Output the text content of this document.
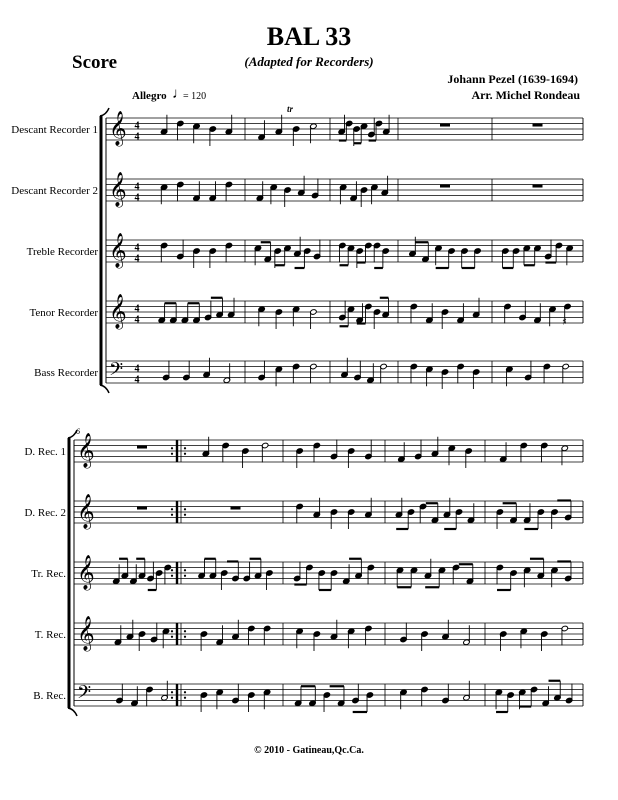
BAL 33
(Adapted for Recorders)
Score
Johann Pezel (1639-1694)
Arr. Michel Rondeau
Allegro ♩
= 120
Descant Recorder 1 𝄞 4
4
tr
Descant Recorder 2 𝄞 4
4
Treble Recorder 𝄞 4
4
Tenor Recorder 𝄞 4
4	♯
Bass Recorder 𝄢 4
4
6
D. Rec. 1 𝄞
D. Rec. 2 𝄞
Tr. Rec. 𝄞
T. Rec. 𝄞
B. Rec. 𝄢
© 2010 - Gatineau,Qc.Ca.
